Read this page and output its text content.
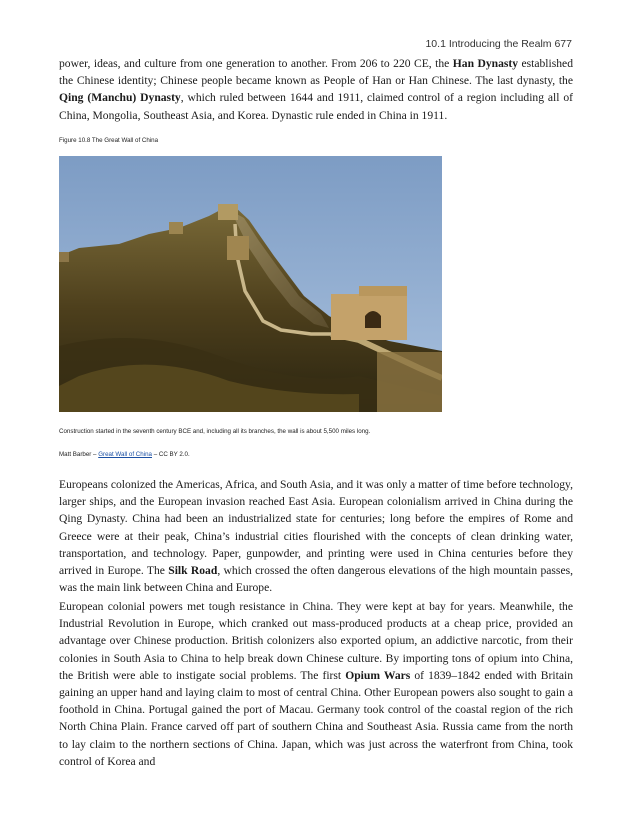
10.1 Introducing the Realm 677

power, ideas, and culture from one generation to another. From 206 to 220 CE, the Han Dynasty established the Chinese identity; Chinese people became known as People of Han or Han Chinese. The last dynasty, the Qing (Manchu) Dynasty, which ruled between 1644 and 1911, claimed control of a region including all of China, Mongolia, Southeast Asia, and Korea. Dynastic rule ended in China in 1911.

Figure 10.8 The Great Wall of China
Construction started in the seventh century BCE and, including all its branches, the wall is about 5,500 miles long.
Matt Barber – Great Wall of China – CC BY 2.0.

Europeans colonized the Americas, Africa, and South Asia, and it was only a matter of time before technology, larger ships, and the European invasion reached East Asia. European colonialism arrived in China during the Qing Dynasty. China had been an industrialized state for centuries; long before the empires of Rome and Greece were at their peak, China’s industrial cities flourished with the concepts of clean drinking water, transportation, and technology. Paper, gunpowder, and printing were used in China centuries before they arrived in Europe. The Silk Road, which crossed the often dangerous elevations of the high mountain passes, was the main link between China and Europe.

European colonial powers met tough resistance in China. They were kept at bay for years. Meanwhile, the Industrial Revolution in Europe, which cranked out mass-produced products at a cheap price, provided an advantage over Chinese production. British colonizers also exported opium, an addictive narcotic, from their colonies in South Asia to China to help break down Chinese culture. By importing tons of opium into China, the British were able to instigate social problems. The first Opium Wars of 1839–1842 ended with Britain gaining an upper hand and laying claim to most of central China. Other European powers also sought to gain a foothold in China. Portugal gained the port of Macau. Germany took control of the coastal region of the rich North China Plain. France carved off part of southern China and Southeast Asia. Russia came from the north to lay claim to the northern sections of China. Japan, which was just across the waterfront from China, took control of Korea and
